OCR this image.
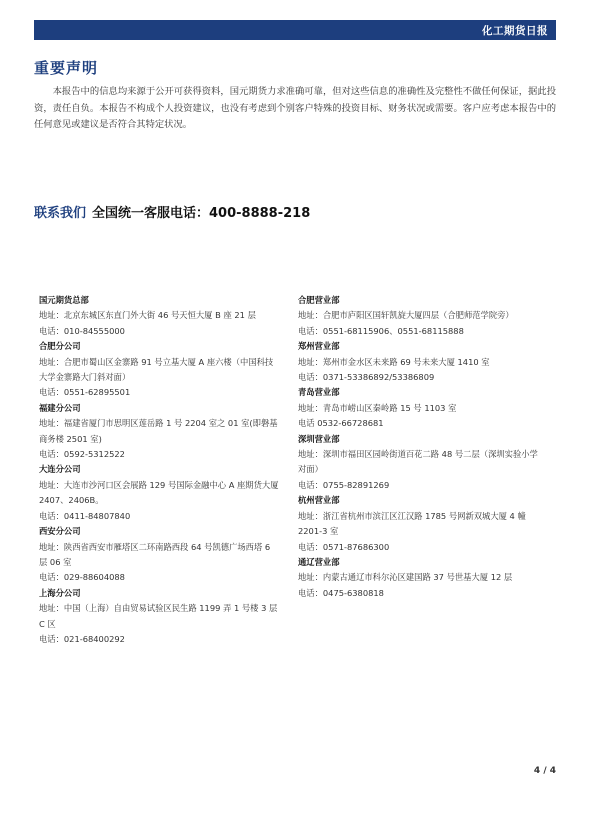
化工期货日报
重要声明
本报告中的信息均来源于公开可获得资料，国元期货力求准确可靠，但对这些信息的准确性及完整性不做任何保证，据此投资，责任自负。本报告不构成个人投资建议，也没有考虑到个别客户特殊的投资目标、财务状况或需要。客户应考虑本报告中的任何意见或建议是否符合其特定状况。
联系我们 全国统一客服电话：400-8888-218
国元期货总部
地址：北京东城区东直门外大街 46 号天恒大厦 B 座 21 层
电话：010-84555000
合肥分公司
地址：合肥市蜀山区金寨路 91 号立基大厦 A 座六楼（中国科技大学金寨路大门斜对面）
电话：0551-62895501
福建分公司
地址：福建省厦门市思明区莲岳路 1 号 2204 室之 01 室(即磐基商务楼 2501 室)
电话：0592-5312522
大连分公司
地址：大连市沙河口区会展路 129 号国际金融中心 A 座期货大厦 2407、2406B。
电话：0411-84807840
西安分公司
地址：陕西省西安市雁塔区二环南路西段 64 号凯德广场西塔 6 层 06 室
电话：029-88604088
上海分公司
地址：中国（上海）自由贸易试验区民生路 1199 弄 1 号楼 3 层 C 区
电话：021-68400292
合肥营业部
地址：合肥市庐阳区国轩凯旋大厦四层（合肥师范学院旁）
电话：0551-68115906、0551-68115888
郑州营业部
地址：郑州市金水区未来路 69 号未来大厦 1410 室
电话：0371-53386892/53386809
青岛营业部
地址：青岛市崂山区秦岭路 15 号 1103 室
电话 0532-66728681
深圳营业部
地址：深圳市福田区园岭街道百花二路 48 号二层（深圳实验小学对面）
电话：0755-82891269
杭州营业部
地址：浙江省杭州市滨江区江汉路 1785 号网新双城大厦 4 幢 2201-3 室
电话：0571-87686300
通辽营业部
地址：内蒙古通辽市科尔沁区建国路 37 号世基大厦 12 层
电话：0475-6380818
4 / 4
